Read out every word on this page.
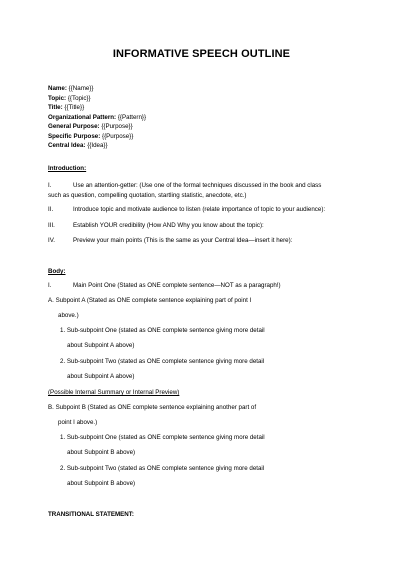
INFORMATIVE SPEECH OUTLINE
Name: {{Name}}
Topic: {{Topic}}
Title: {{Title}}
Organizational Pattern: {{Pattern}}
General Purpose: {{Purpose}}
Specific Purpose: {{Purpose}}
Central Idea: {{Idea}}
Introduction:
I.	Use an attention-getter: (Use one of the formal techniques discussed in the book and class
such as question, compelling quotation, startling statistic, anecdote, etc.)
II.	Introduce topic and motivate audience to listen (relate importance of topic to your audience):
III.	Establish YOUR credibility (How AND Why you know about the topic):
IV.	Preview your main points (This is the same as your Central Idea—insert it here):
Body:
I.	Main Point One (Stated as ONE complete sentence—NOT as a paragraph!)
A. Subpoint A (Stated as ONE complete sentence explaining part of point I
above.)
1. Sub-subpoint One (stated as ONE complete sentence giving more detail
about Subpoint A above)
2. Sub-subpoint Two (stated as ONE complete sentence giving more detail
about Subpoint A above)
(Possible Internal Summary or Internal Preview)
B. Subpoint B (Stated as ONE complete sentence explaining another part of
point I above.)
1. Sub-subpoint One (stated as ONE complete sentence giving more detail
about Subpoint B above)
2. Sub-subpoint Two (stated as ONE complete sentence giving more detail
about Subpoint B above)
TRANSITIONAL STATEMENT:
